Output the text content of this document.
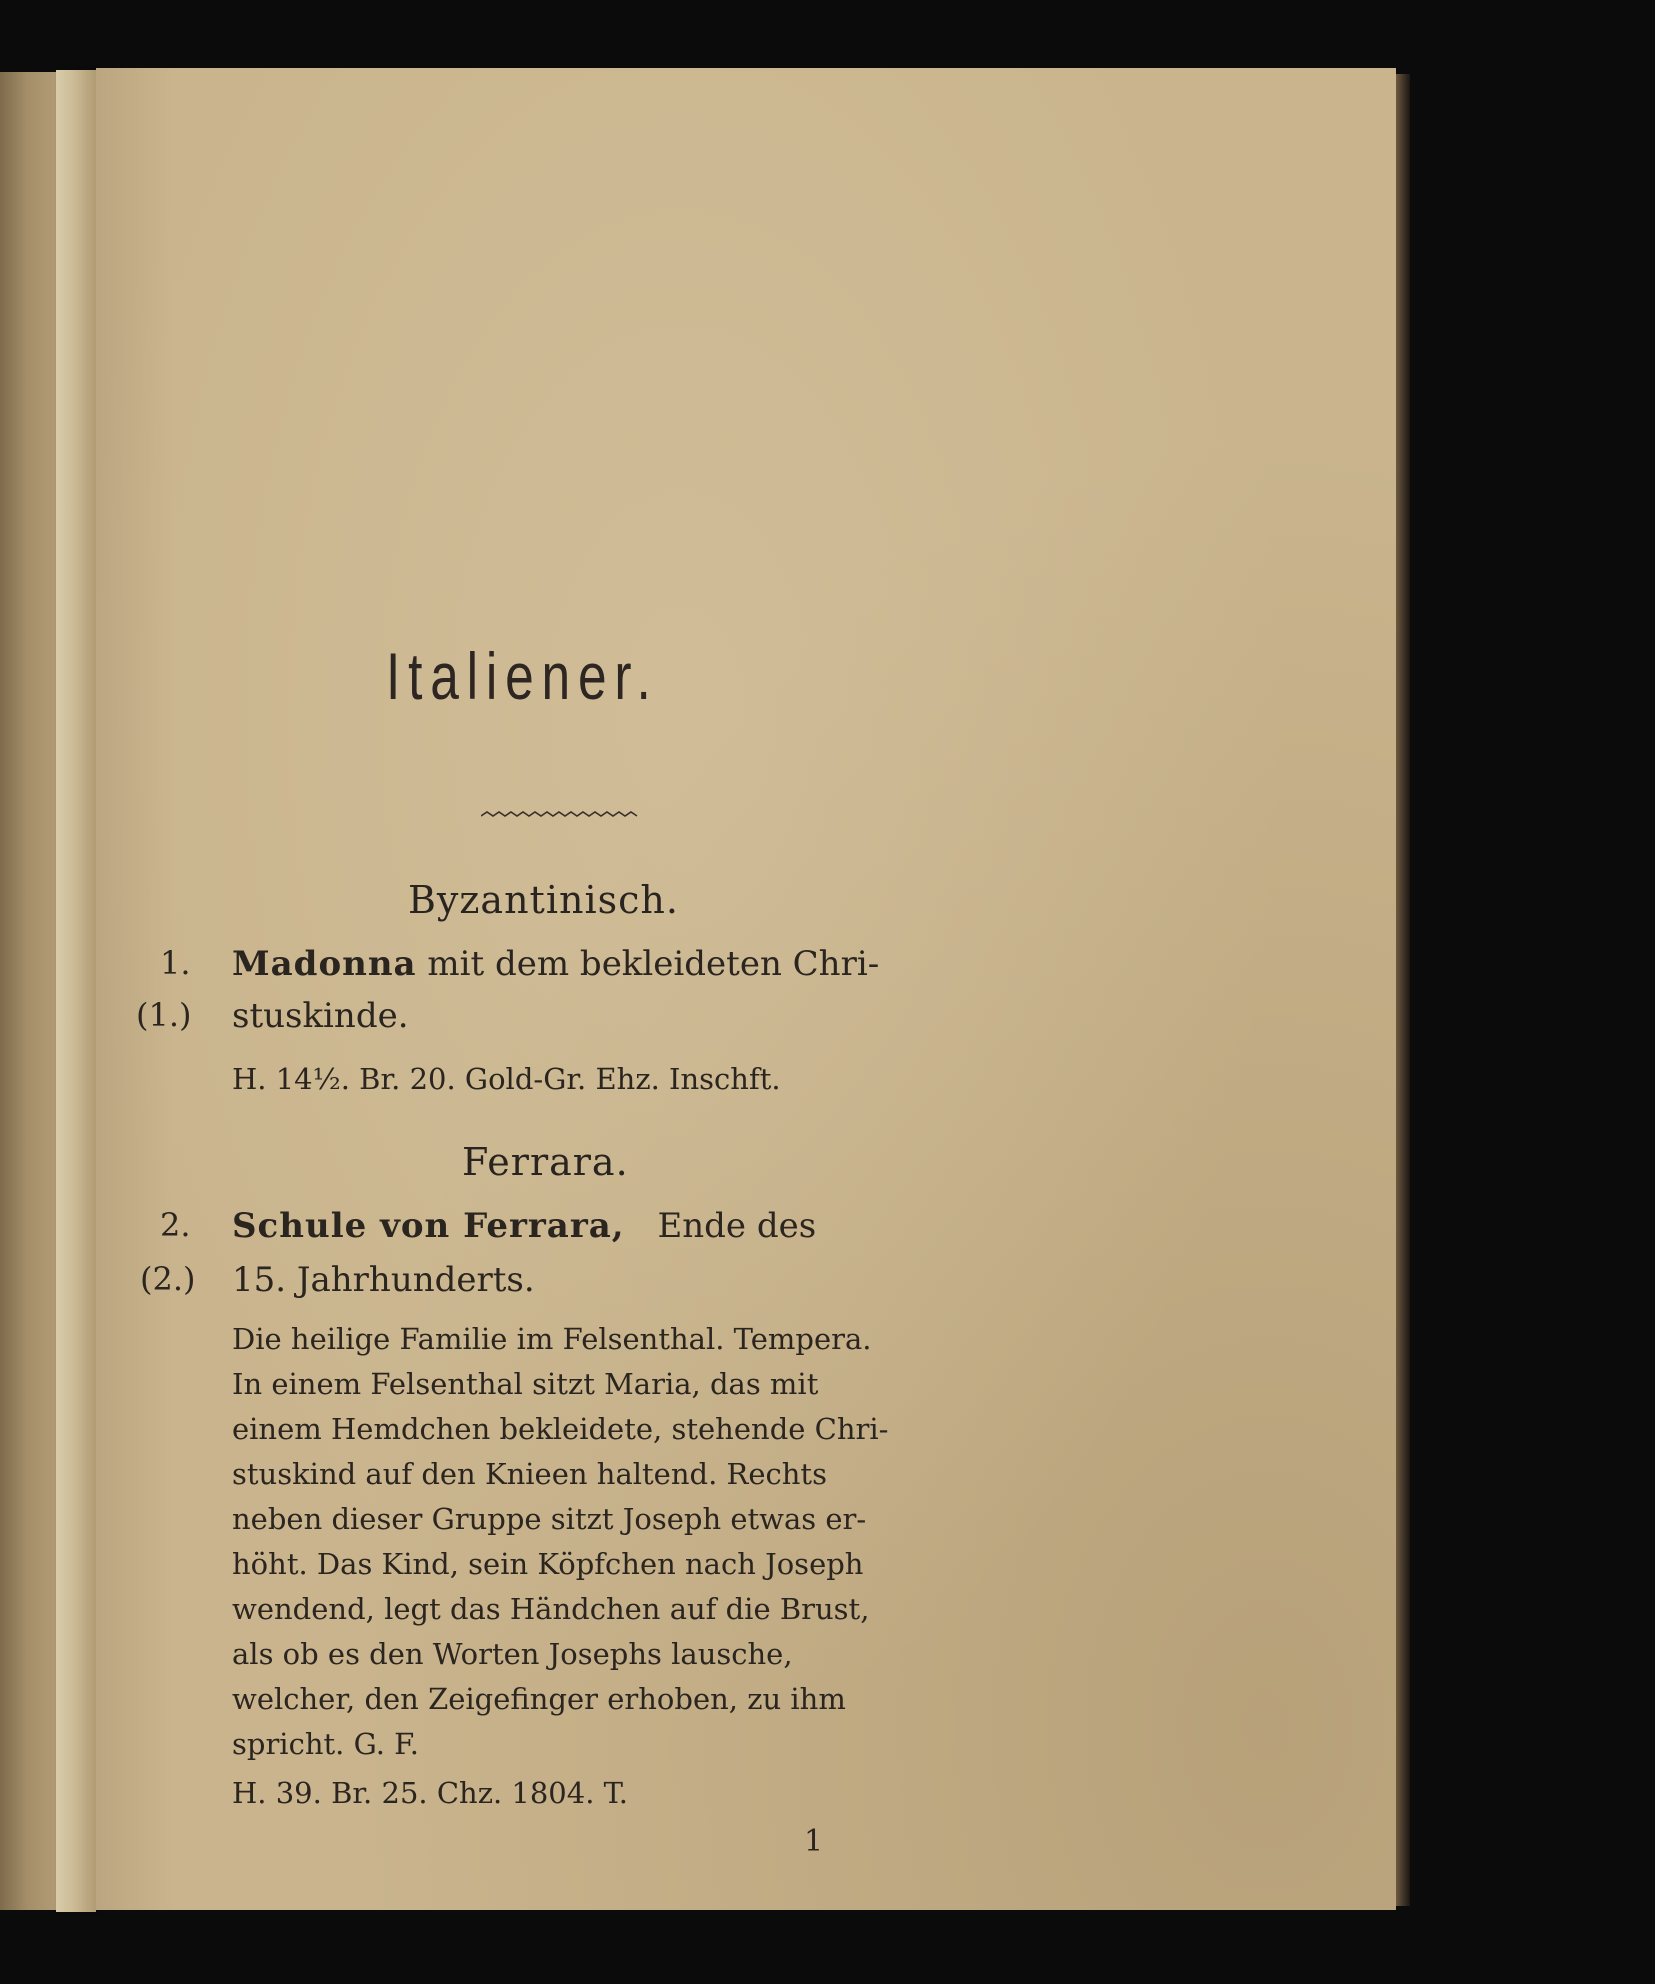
Italiener.
Byzantinisch.
1. Madonna mit dem bekleideten Chri-
(1.) stuskinde.
H. 14½. Br. 20. Gold-Gr. Ehz. Inschft.
Ferrara.
2. Schule von Ferrara, Ende des
(2.) 15. Jahrhunderts.
Die heilige Familie im Felsenthal. Tempera.
In einem Felsenthal sitzt Maria, das mit
einem Hemdchen bekleidete, stehende Chri-
stuskind auf den Knieen haltend. Rechts
neben dieser Gruppe sitzt Joseph etwas er-
höht. Das Kind, sein Köpfchen nach Joseph
wendend, legt das Händchen auf die Brust,
als ob es den Worten Josephs lausche,
welcher, den Zeigefinger erhoben, zu ihm
spricht. G. F.
H. 39. Br. 25. Chz. 1804. T.
1
